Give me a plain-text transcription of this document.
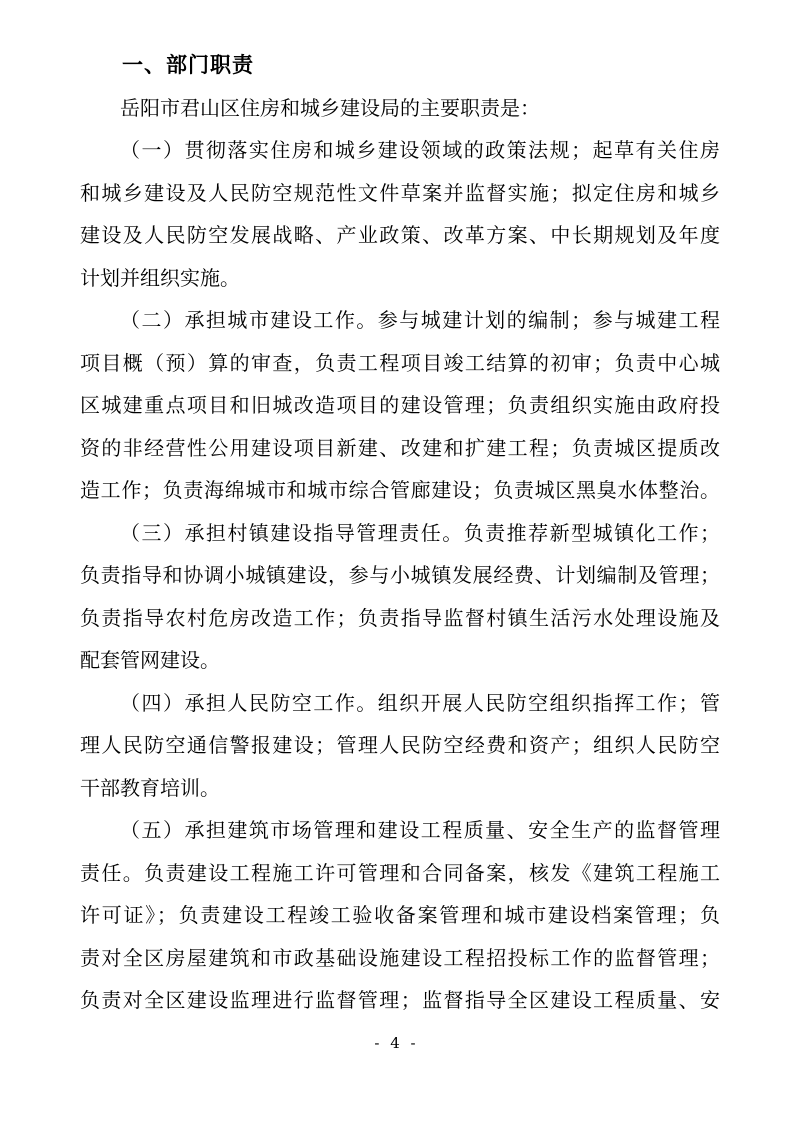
一、部门职责
岳阳市君山区住房和城乡建设局的主要职责是：
（一）贯彻落实住房和城乡建设领域的政策法规；起草有关住房
和城乡建设及人民防空规范性文件草案并监督实施；拟定住房和城乡
建设及人民防空发展战略、产业政策、改革方案、中长期规划及年度
计划并组织实施。
（二）承担城市建设工作。参与城建计划的编制；参与城建工程
项目概（预）算的审查，负责工程项目竣工结算的初审；负责中心城
区城建重点项目和旧城改造项目的建设管理；负责组织实施由政府投
资的非经营性公用建设项目新建、改建和扩建工程；负责城区提质改
造工作；负责海绵城市和城市综合管廊建设；负责城区黑臭水体整治。
（三）承担村镇建设指导管理责任。负责推荐新型城镇化工作；
负责指导和协调小城镇建设，参与小城镇发展经费、计划编制及管理；
负责指导农村危房改造工作；负责指导监督村镇生活污水处理设施及
配套管网建设。
（四）承担人民防空工作。组织开展人民防空组织指挥工作；管
理人民防空通信警报建设；管理人民防空经费和资产；组织人民防空
干部教育培训。
（五）承担建筑市场管理和建设工程质量、安全生产的监督管理
责任。负责建设工程施工许可管理和合同备案，核发《建筑工程施工
许可证》；负责建设工程竣工验收备案管理和城市建设档案管理；负
责对全区房屋建筑和市政基础设施建设工程招投标工作的监督管理；
负责对全区建设监理进行监督管理；监督指导全区建设工程质量、安
- 4 -
